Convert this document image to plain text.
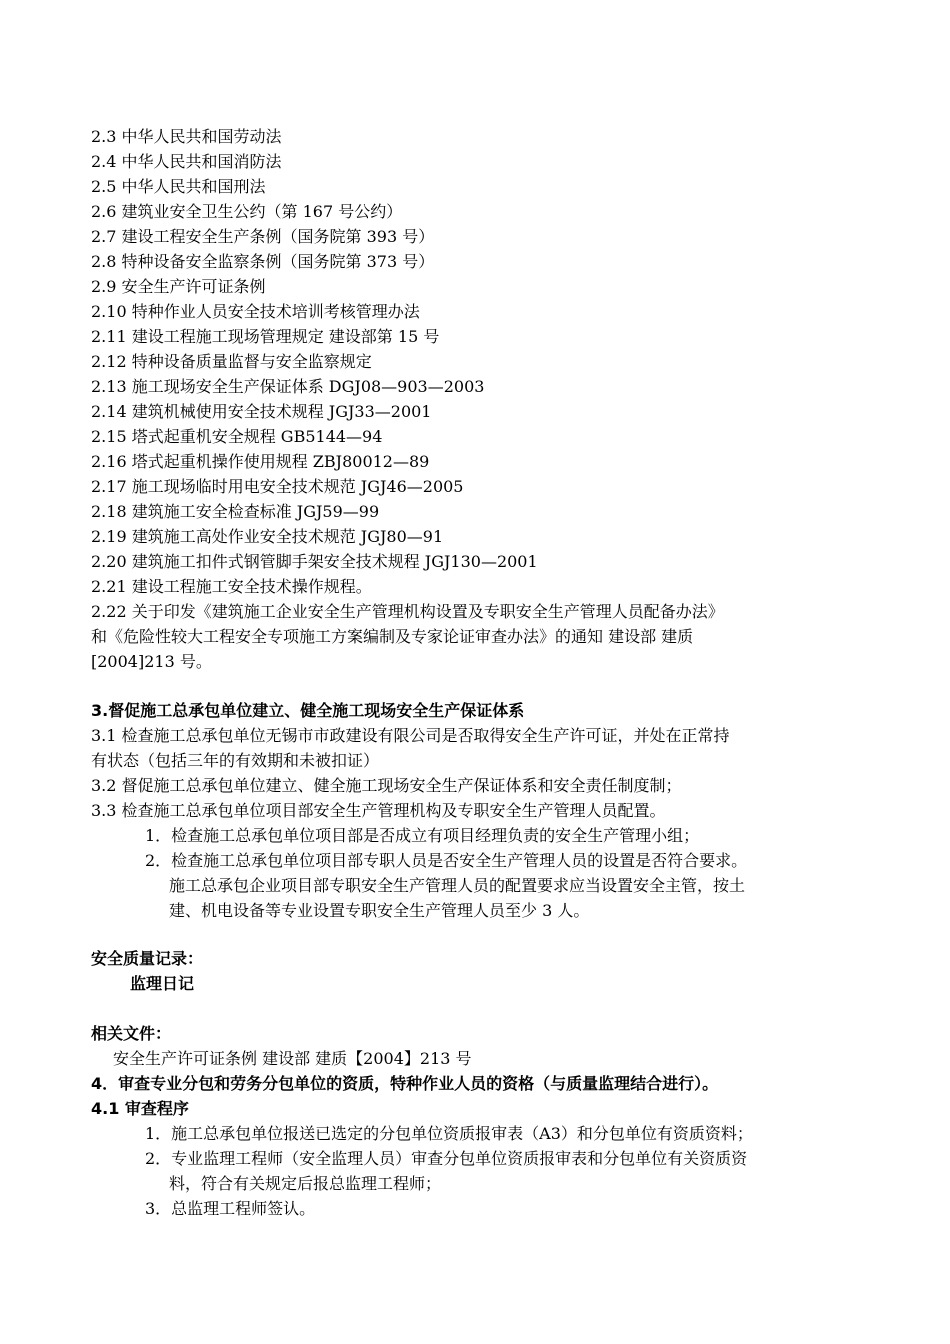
2.3 中华人民共和国劳动法
2.4 中华人民共和国消防法
2.5 中华人民共和国刑法
2.6 建筑业安全卫生公约（第 167 号公约）
2.7 建设工程安全生产条例（国务院第 393 号）
2.8 特种设备安全监察条例（国务院第 373 号）
2.9 安全生产许可证条例
2.10 特种作业人员安全技术培训考核管理办法
2.11 建设工程施工现场管理规定 建设部第 15 号
2.12 特种设备质量监督与安全监察规定
2.13 施工现场安全生产保证体系 DGJ08—903—2003
2.14 建筑机械使用安全技术规程 JGJ33—2001
2.15 塔式起重机安全规程 GB5144—94
2.16 塔式起重机操作使用规程 ZBJ80012—89
2.17 施工现场临时用电安全技术规范 JGJ46—2005
2.18 建筑施工安全检查标准 JGJ59—99
2.19 建筑施工高处作业安全技术规范 JGJ80—91
2.20 建筑施工扣件式钢管脚手架安全技术规程 JGJ130—2001
2.21 建设工程施工安全技术操作规程。
2.22 关于印发《建筑施工企业安全生产管理机构设置及专职安全生产管理人员配备办法》
和《危险性较大工程安全专项施工方案编制及专家论证审查办法》的通知 建设部 建质
[2004]213 号。
3.督促施工总承包单位建立、健全施工现场安全生产保证体系
3.1 检查施工总承包单位无锡市市政建设有限公司是否取得安全生产许可证，并处在正常持
有状态（包括三年的有效期和未被扣证）
3.2 督促施工总承包单位建立、健全施工现场安全生产保证体系和安全责任制度制；
3.3 检查施工总承包单位项目部安全生产管理机构及专职安全生产管理人员配置。
1．检查施工总承包单位项目部是否成立有项目经理负责的安全生产管理小组；
2．检查施工总承包单位项目部专职人员是否安全生产管理人员的设置是否符合要求。
施工总承包企业项目部专职安全生产管理人员的配置要求应当设置安全主管，按土
建、机电设备等专业设置专职安全生产管理人员至少 3 人。
安全质量记录：
监理日记
相关文件：
安全生产许可证条例 建设部 建质【2004】213 号
4．审查专业分包和劳务分包单位的资质，特种作业人员的资格（与质量监理结合进行）。
4.1 审查程序
1．施工总承包单位报送已选定的分包单位资质报审表（A3）和分包单位有资质资料；
2．专业监理工程师（安全监理人员）审查分包单位资质报审表和分包单位有关资质资
料，符合有关规定后报总监理工程师；
3．总监理工程师签认。
